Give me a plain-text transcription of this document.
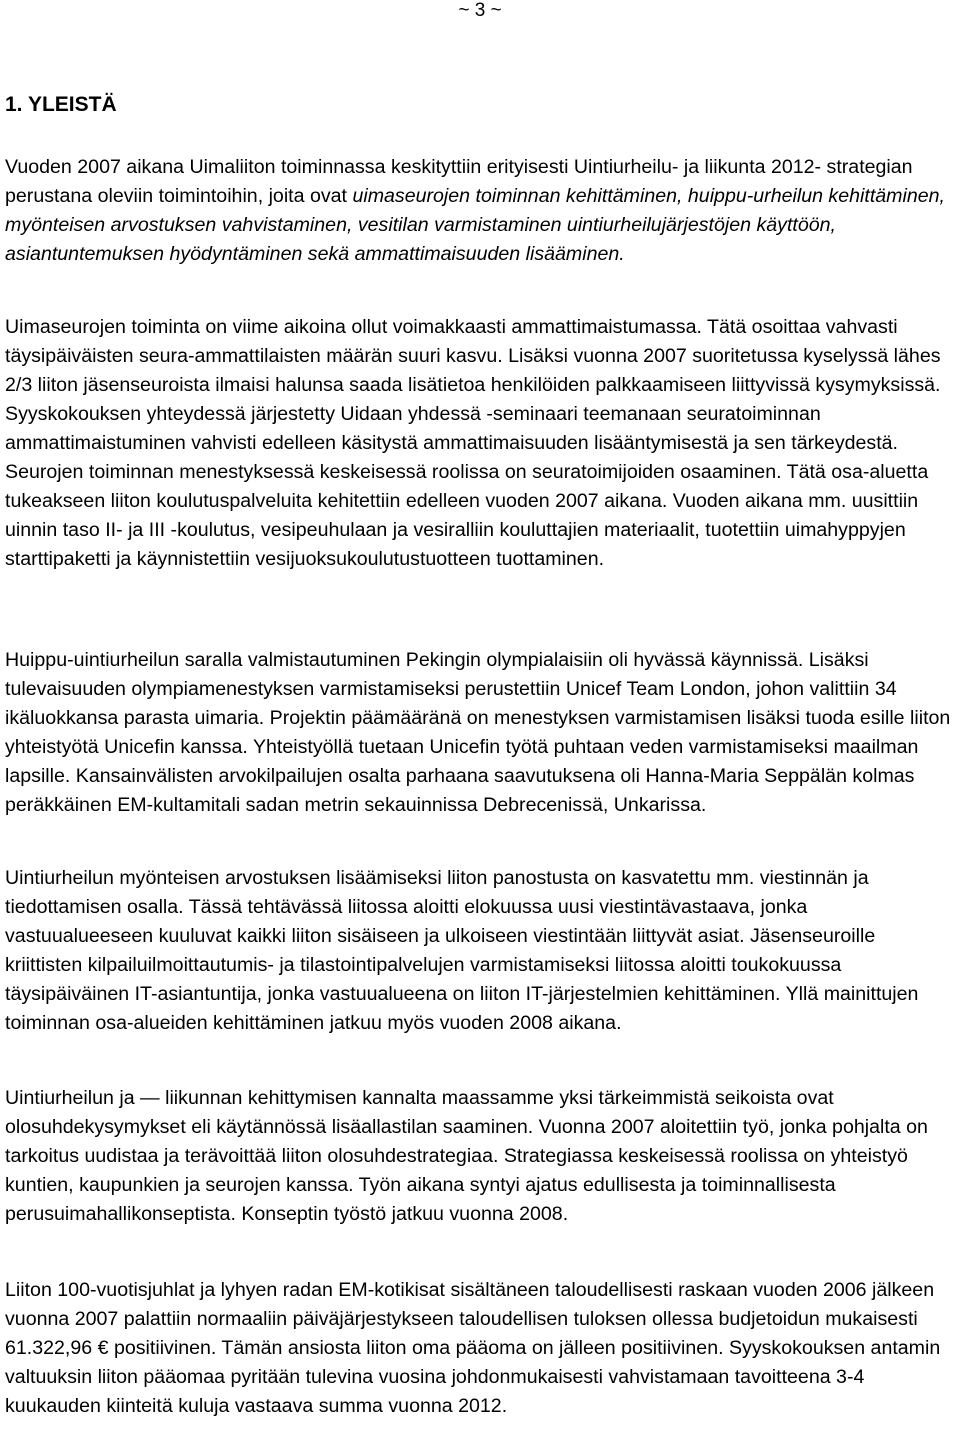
~ 3 ~
1. YLEISTÄ

Vuoden 2007 aikana Uimaliiton toiminnassa keskityttiin erityisesti Uintiurheilu- ja liikunta 2012- strategian perustana oleviin toimintoihin, joita ovat uimaseurojen toiminnan kehittäminen, huippu-urheilun kehittäminen, myönteisen arvostuksen vahvistaminen, vesitilan varmistaminen uintiurheilujärjestöjen käyttöön, asiantuntemuksen hyödyntäminen sekä ammattimaisuuden lisääminen.

Uimaseurojen toiminta on viime aikoina ollut voimakkaasti ammattimaistumassa. Tätä osoittaa vahvasti täysipäiväisten seura-ammattilaisten määrän suuri kasvu. Lisäksi vuonna 2007 suoritetussa kyselyssä lähes 2/3 liiton jäsenseuroista ilmaisi halunsa saada lisätietoa henkilöiden palkkaamiseen liittyvissä kysymyksissä. Syyskokouksen yhteydessä järjestetty Uidaan yhdessä -seminaari teemanaan seuratoiminnan ammattimaistuminen vahvisti edelleen käsitystä ammattimaisuuden lisääntymisestä ja sen tärkeydestä. Seurojen toiminnan menestyksessä keskeisessä roolissa on seuratoimijoiden osaaminen. Tätä osa-aluetta tukeakseen liiton koulutuspalveluita kehitettiin edelleen vuoden 2007 aikana. Vuoden aikana mm. uusittiin uinnin taso II- ja III -koulutus, vesipeuhulaan ja vesiralliin kouluttajien materiaalit, tuotettiin uimahyppyjen starttipaketti ja käynnistettiin vesijuoksukoulutustuotteen tuottaminen.

Huippu-uintiurheilun saralla valmistautuminen Pekingin olympialaisiin oli hyvässä käynnissä. Lisäksi tulevaisuuden olympiamenestyksen varmistamiseksi perustettiin Unicef Team London, johon valittiin 34 ikäluokkansa parasta uimaria. Projektin päämääränä on menestyksen varmistamisen lisäksi tuoda esille liiton yhteistyötä Unicefin kanssa. Yhteistyöllä tuetaan Unicefin työtä puhtaan veden varmistamiseksi maailman lapsille. Kansainvälisten arvokilpailujen osalta parhaana saavutuksena oli Hanna-Maria Seppälän kolmas peräkkäinen EM-kultamitali sadan metrin sekauinnissa Debrecenissä, Unkarissa.

Uintiurheilun myönteisen arvostuksen lisäämiseksi liiton panostusta on kasvatettu mm. viestinnän ja tiedottamisen osalla. Tässä tehtävässä liitossa aloitti elokuussa uusi viestintävastaava, jonka vastuualueeseen kuuluvat kaikki liiton sisäiseen ja ulkoiseen viestintään liittyvät asiat. Jäsenseuroille kriittisten kilpailuilmoittautumis- ja tilastointipalvelujen varmistamiseksi liitossa aloitti toukokuussa täysipäiväinen IT-asiantuntija, jonka vastuualueena on liiton IT-järjestelmien kehittäminen. Yllä mainittujen toiminnan osa-alueiden kehittäminen jatkuu myös vuoden 2008 aikana.

Uintiurheilun ja — liikunnan kehittymisen kannalta maassamme yksi tärkeimmistä seikoista ovat olosuhdekysymykset eli käytännössä lisäallastilan saaminen. Vuonna 2007 aloitettiin työ, jonka pohjalta on tarkoitus uudistaa ja terävoittää liiton olosuhdestrategiaa. Strategiassa keskeisessä roolissa on yhteistyö kuntien, kaupunkien ja seurojen kanssa. Työn aikana syntyi ajatus edullisesta ja toiminnallisesta perusuimahallikonseptista. Konseptin työstö jatkuu vuonna 2008.

Liiton 100-vuotisjuhlat ja lyhyen radan EM-kotikisat sisältäneen taloudellisesti raskaan vuoden 2006 jälkeen vuonna 2007 palattiin normaaliin päiväjärjestykseen taloudellisen tuloksen ollessa budjetoidun mukaisesti 61.322,96 € positiivinen. Tämän ansiosta liiton oma pääoma on jälleen positiivinen. Syyskokouksen antamin valtuuksin liiton pääomaa pyritään tulevina vuosina johdonmukaisesti vahvistamaan tavoitteena 3-4 kuukauden kiinteitä kuluja vastaava summa vuonna 2012.
